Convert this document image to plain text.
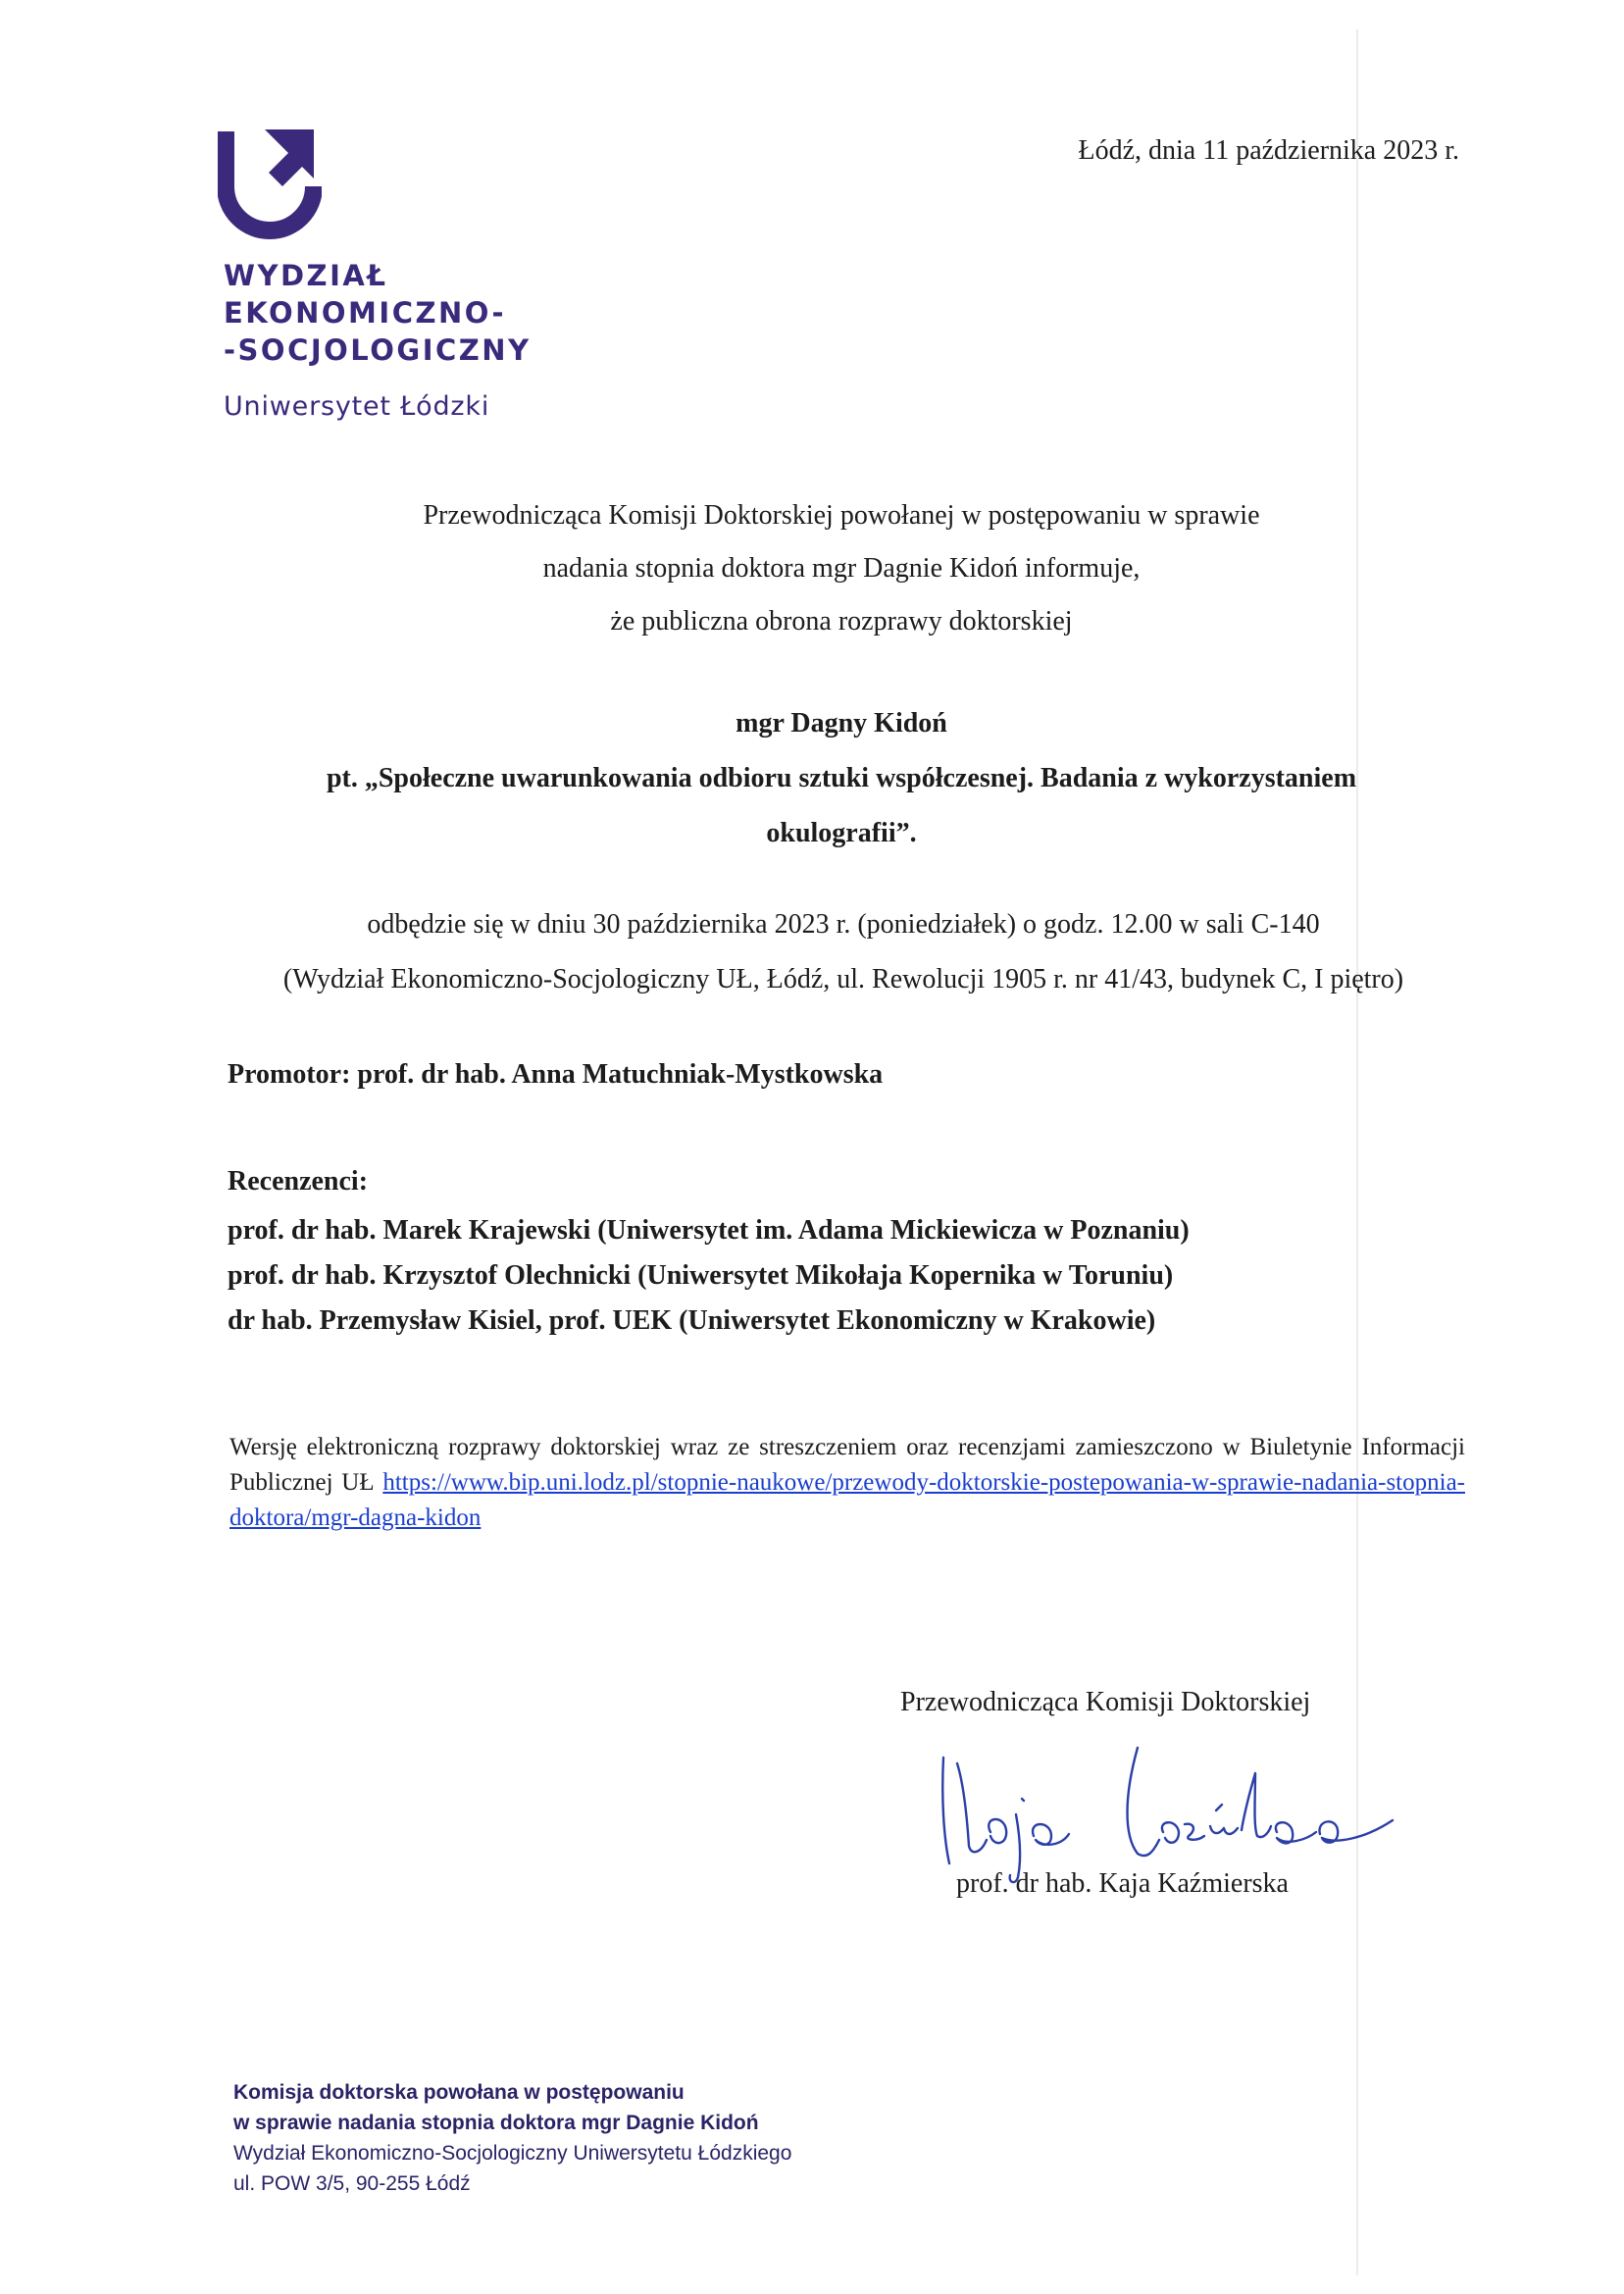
WYDZIAŁ
EKONOMICZNO-
-SOCJOLOGICZNY
Uniwersytet Łódzki
Łódź, dnia 11 października 2023 r.
Przewodnicząca Komisji Doktorskiej powołanej w postępowaniu w sprawie
nadania stopnia doktora mgr Dagnie Kidoń informuje,
że publiczna obrona rozprawy doktorskiej
mgr Dagny Kidoń
pt. „Społeczne uwarunkowania odbioru sztuki współczesnej. Badania z wykorzystaniem
okulografii”.
odbędzie się w dniu 30 października 2023 r. (poniedziałek) o godz. 12.00 w sali C-140
(Wydział Ekonomiczno-Socjologiczny UŁ, Łódź, ul. Rewolucji 1905 r. nr 41/43, budynek C, I piętro)
Promotor: prof. dr hab. Anna Matuchniak-Mystkowska
Recenzenci:
prof. dr hab. Marek Krajewski (Uniwersytet im. Adama Mickiewicza w Poznaniu)
prof. dr hab. Krzysztof Olechnicki (Uniwersytet Mikołaja Kopernika w Toruniu)
dr hab. Przemysław Kisiel, prof. UEK (Uniwersytet Ekonomiczny w Krakowie)
Wersję elektroniczną rozprawy doktorskiej wraz ze streszczeniem oraz recenzjami zamieszczono w Biuletynie Informacji Publicznej UŁ https://www.bip.uni.lodz.pl/stopnie-naukowe/przewody-doktorskie-postepowania-w-sprawie-nadania-stopnia-doktora/mgr-dagna-kidon
Przewodnicząca Komisji Doktorskiej
prof. dr hab. Kaja Kaźmierska
Komisja doktorska powołana w postępowaniu
w sprawie nadania stopnia doktora mgr Dagnie Kidoń
Wydział Ekonomiczno-Socjologiczny Uniwersytetu Łódzkiego
ul. POW 3/5, 90-255 Łódź
